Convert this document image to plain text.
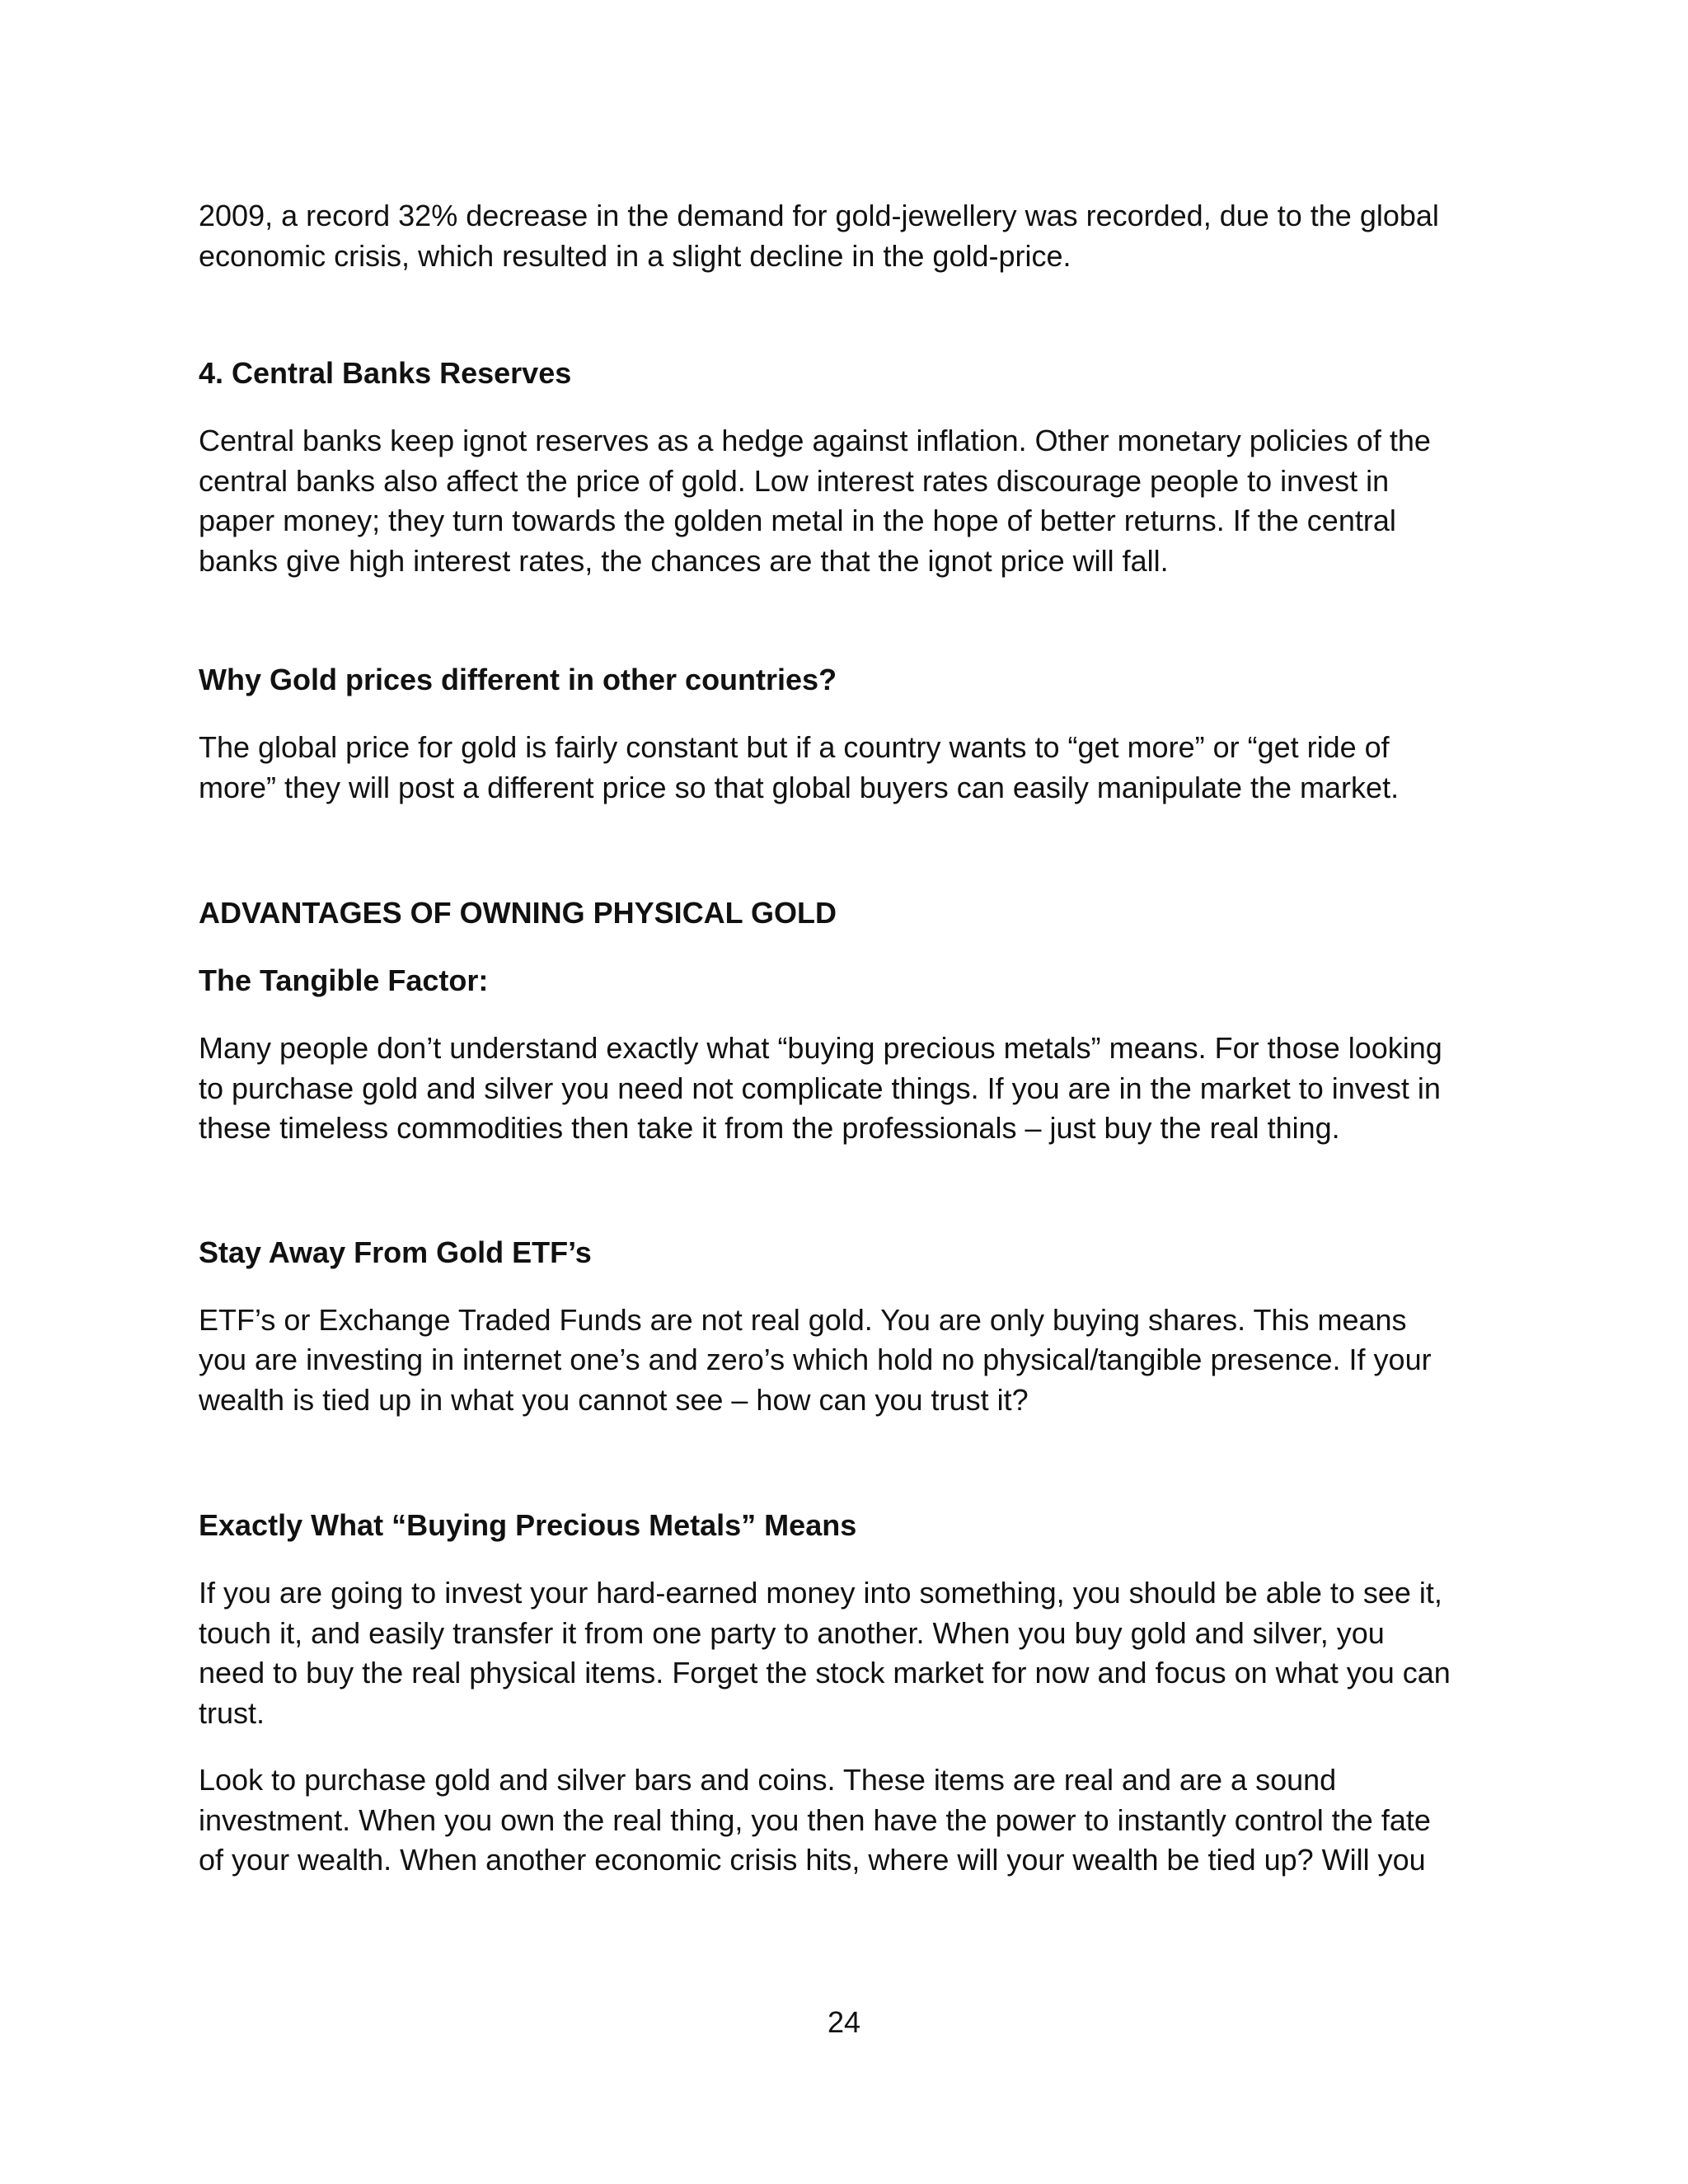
2009, a record 32% decrease in the demand for gold-jewellery was recorded, due to the global
economic crisis, which resulted in a slight decline in the gold-price.

4. Central Banks Reserves

Central banks keep ignot reserves as a hedge against inflation. Other monetary policies of the
central banks also affect the price of gold. Low interest rates discourage people to invest in
paper money; they turn towards the golden metal in the hope of better returns. If the central
banks give high interest rates, the chances are that the ignot price will fall.

Why Gold prices different in other countries?

The global price for gold is fairly constant but if a country wants to “get more” or “get ride of
more” they will post a different price so that global buyers can easily manipulate the market.

ADVANTAGES OF OWNING PHYSICAL GOLD
The Tangible Factor:

Many people don’t understand exactly what “buying precious metals” means. For those looking
to purchase gold and silver you need not complicate things. If you are in the market to invest in
these timeless commodities then take it from the professionals – just buy the real thing.

Stay Away From Gold ETF’s

ETF’s or Exchange Traded Funds are not real gold. You are only buying shares. This means
you are investing in internet one’s and zero’s which hold no physical/tangible presence. If your
wealth is tied up in what you cannot see – how can you trust it?

Exactly What “Buying Precious Metals” Means

If you are going to invest your hard-earned money into something, you should be able to see it,
touch it, and easily transfer it from one party to another. When you buy gold and silver, you
need to buy the real physical items. Forget the stock market for now and focus on what you can
trust.

Look to purchase gold and silver bars and coins. These items are real and are a sound
investment. When you own the real thing, you then have the power to instantly control the fate
of your wealth. When another economic crisis hits, where will your wealth be tied up? Will you

24
